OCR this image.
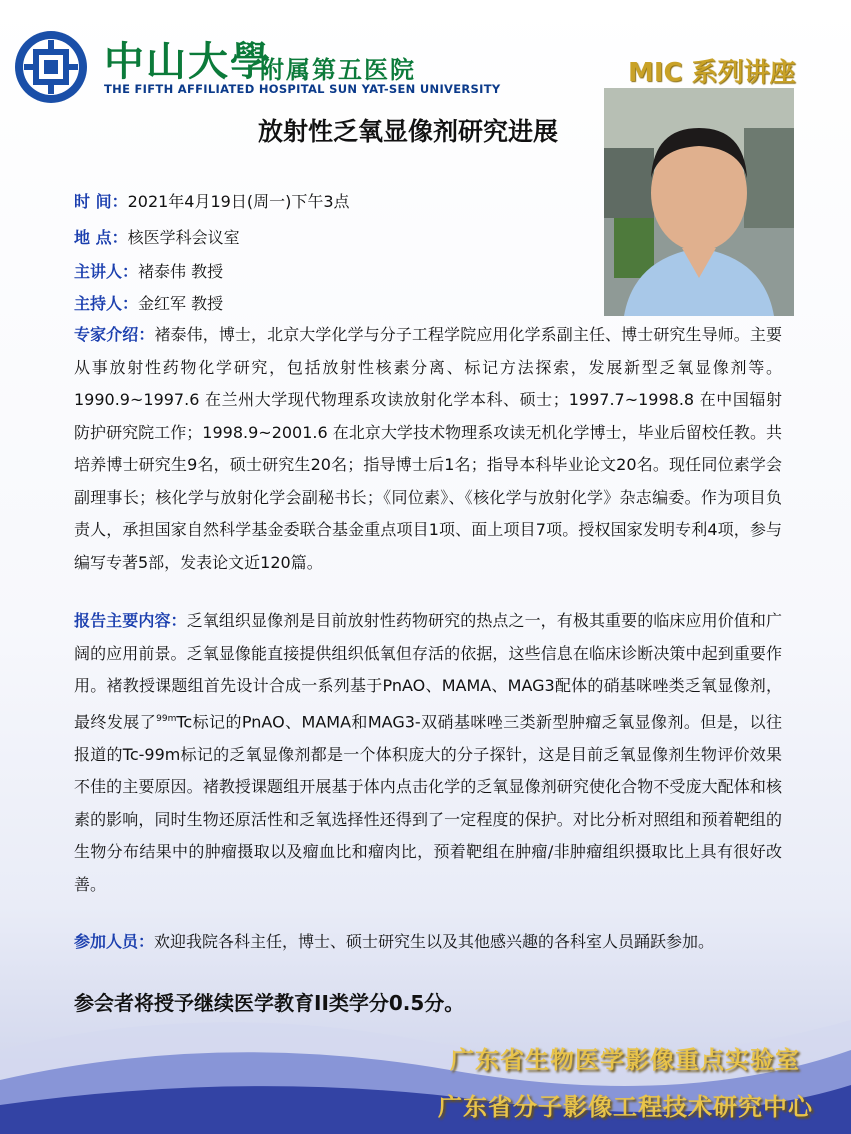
中山大學
附属第五医院
THE FIFTH AFFILIATED HOSPITAL SUN YAT-SEN UNIVERSITY
MIC 系列讲座
放射性乏氧显像剂研究进展
时 间：2021年4月19日(周一)下午3点
地 点：核医学科会议室
主讲人：褚泰伟 教授
主持人：金红军 教授
专家介绍：褚泰伟，博士，北京大学化学与分子工程学院应用化学系副主任、博士研究生导师。主要从事放射性药物化学研究，包括放射性核素分离、标记方法探索，发展新型乏氧显像剂等。1990.9~1997.6 在兰州大学现代物理系攻读放射化学本科、硕士；1997.7~1998.8 在中国辐射防护研究院工作；1998.9~2001.6 在北京大学技术物理系攻读无机化学博士，毕业后留校任教。共培养博士研究生9名，硕士研究生20名；指导博士后1名；指导本科毕业论文20名。现任同位素学会副理事长；核化学与放射化学会副秘书长；《同位素》、《核化学与放射化学》杂志编委。作为项目负责人，承担国家自然科学基金委联合基金重点项目1项、面上项目7项。授权国家发明专利4项，参与编写专著5部，发表论文近120篇。
报告主要内容：乏氧组织显像剂是目前放射性药物研究的热点之一，有极其重要的临床应用价值和广阔的应用前景。乏氧显像能直接提供组织低氧但存活的依据，这些信息在临床诊断决策中起到重要作用。褚教授课题组首先设计合成一系列基于PnAO、MAMA、MAG3配体的硝基咪唑类乏氧显像剂，最终发展了$^{99m}$Tc标记的PnAO、MAMA和MAG3-双硝基咪唑三类新型肿瘤乏氧显像剂。但是，以往报道的Tc-99m标记的乏氧显像剂都是一个体积庞大的分子探针，这是目前乏氧显像剂生物评价效果不佳的主要原因。褚教授课题组开展基于体内点击化学的乏氧显像剂研究使化合物不受庞大配体和核素的影响，同时生物还原活性和乏氧选择性还得到了一定程度的保护。对比分析对照组和预着靶组的生物分布结果中的肿瘤摄取以及瘤血比和瘤肉比，预着靶组在肿瘤/非肿瘤组织摄取比上具有很好改善。
参加人员：欢迎我院各科主任，博士、硕士研究生以及其他感兴趣的各科室人员踊跃参加。
参会者将授予继续医学教育II类学分0.5分。
广东省生物医学影像重点实验室
广东省分子影像工程技术研究中心
